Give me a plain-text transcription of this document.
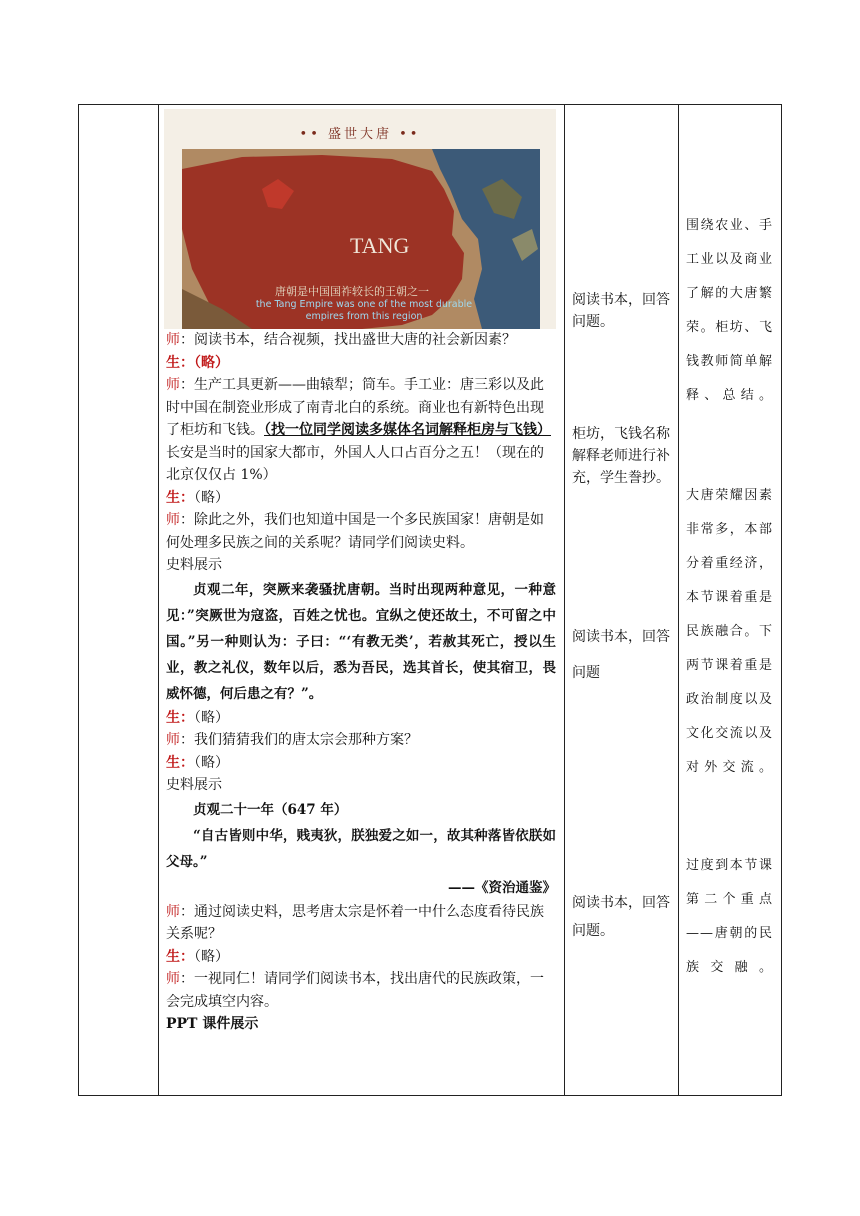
•• 盛世大唐 ••
TANG
唐朝是中国国祚较长的王朝之一
the Tang Empire was one of the most durable
empires from this region

师：阅读书本，结合视频，找出盛世大唐的社会新因素？

生：（略）

师：生产工具更新——曲辕犁；筒车。手工业：唐三彩以及此时中国在制瓷业形成了南青北白的系统。商业也有新特色出现了柜坊和飞钱。（找一位同学阅读多媒体名词解释柜房与飞钱）长安是当时的国家大都市，外国人人口占百分之五！（现在的北京仅仅占 1%）

生：（略）

师：除此之外，我们也知道中国是一个多民族国家！唐朝是如何处理多民族之间的关系呢？请同学们阅读史料。

史料展示

贞观二年，突厥来袭骚扰唐朝。当时出现两种意见，一种意见：”突厥世为寇盗，百姓之忧也。宜纵之使还故土，不可留之中国。”另一种则认为：子曰：“‘有教无类’，若赦其死亡，授以生业，教之礼仪，数年以后，悉为吾民，选其首长，使其宿卫，畏威怀德，何后患之有？”。

生：（略）

师：我们猜猜我们的唐太宗会那种方案？

生：（略）

史料展示

贞观二十一年（647 年）

“自古皆则中华，贱夷狄，朕独爱之如一，故其种落皆依朕如父母。”

——《资治通鉴》

师：通过阅读史料，思考唐太宗是怀着一中什么态度看待民族关系呢？

生：（略）

师：一视同仁！请同学们阅读书本，找出唐代的民族政策，一会完成填空内容。

PPT 课件展示

阅读书本，回答问题。
柜坊，飞钱名称解释老师进行补充，学生誊抄。
阅读书本，回答问题
阅读书本，回答问题。
围绕农业、手工业以及商业了解的大唐繁荣。柜坊、飞钱教师简单解释、总结。
大唐荣耀因素非常多，本部分着重经济，本节课着重是民族融合。下两节课着重是政治制度以及文化交流以及对外交流。
过度到本节课第二个重点——唐朝的民族交融。
